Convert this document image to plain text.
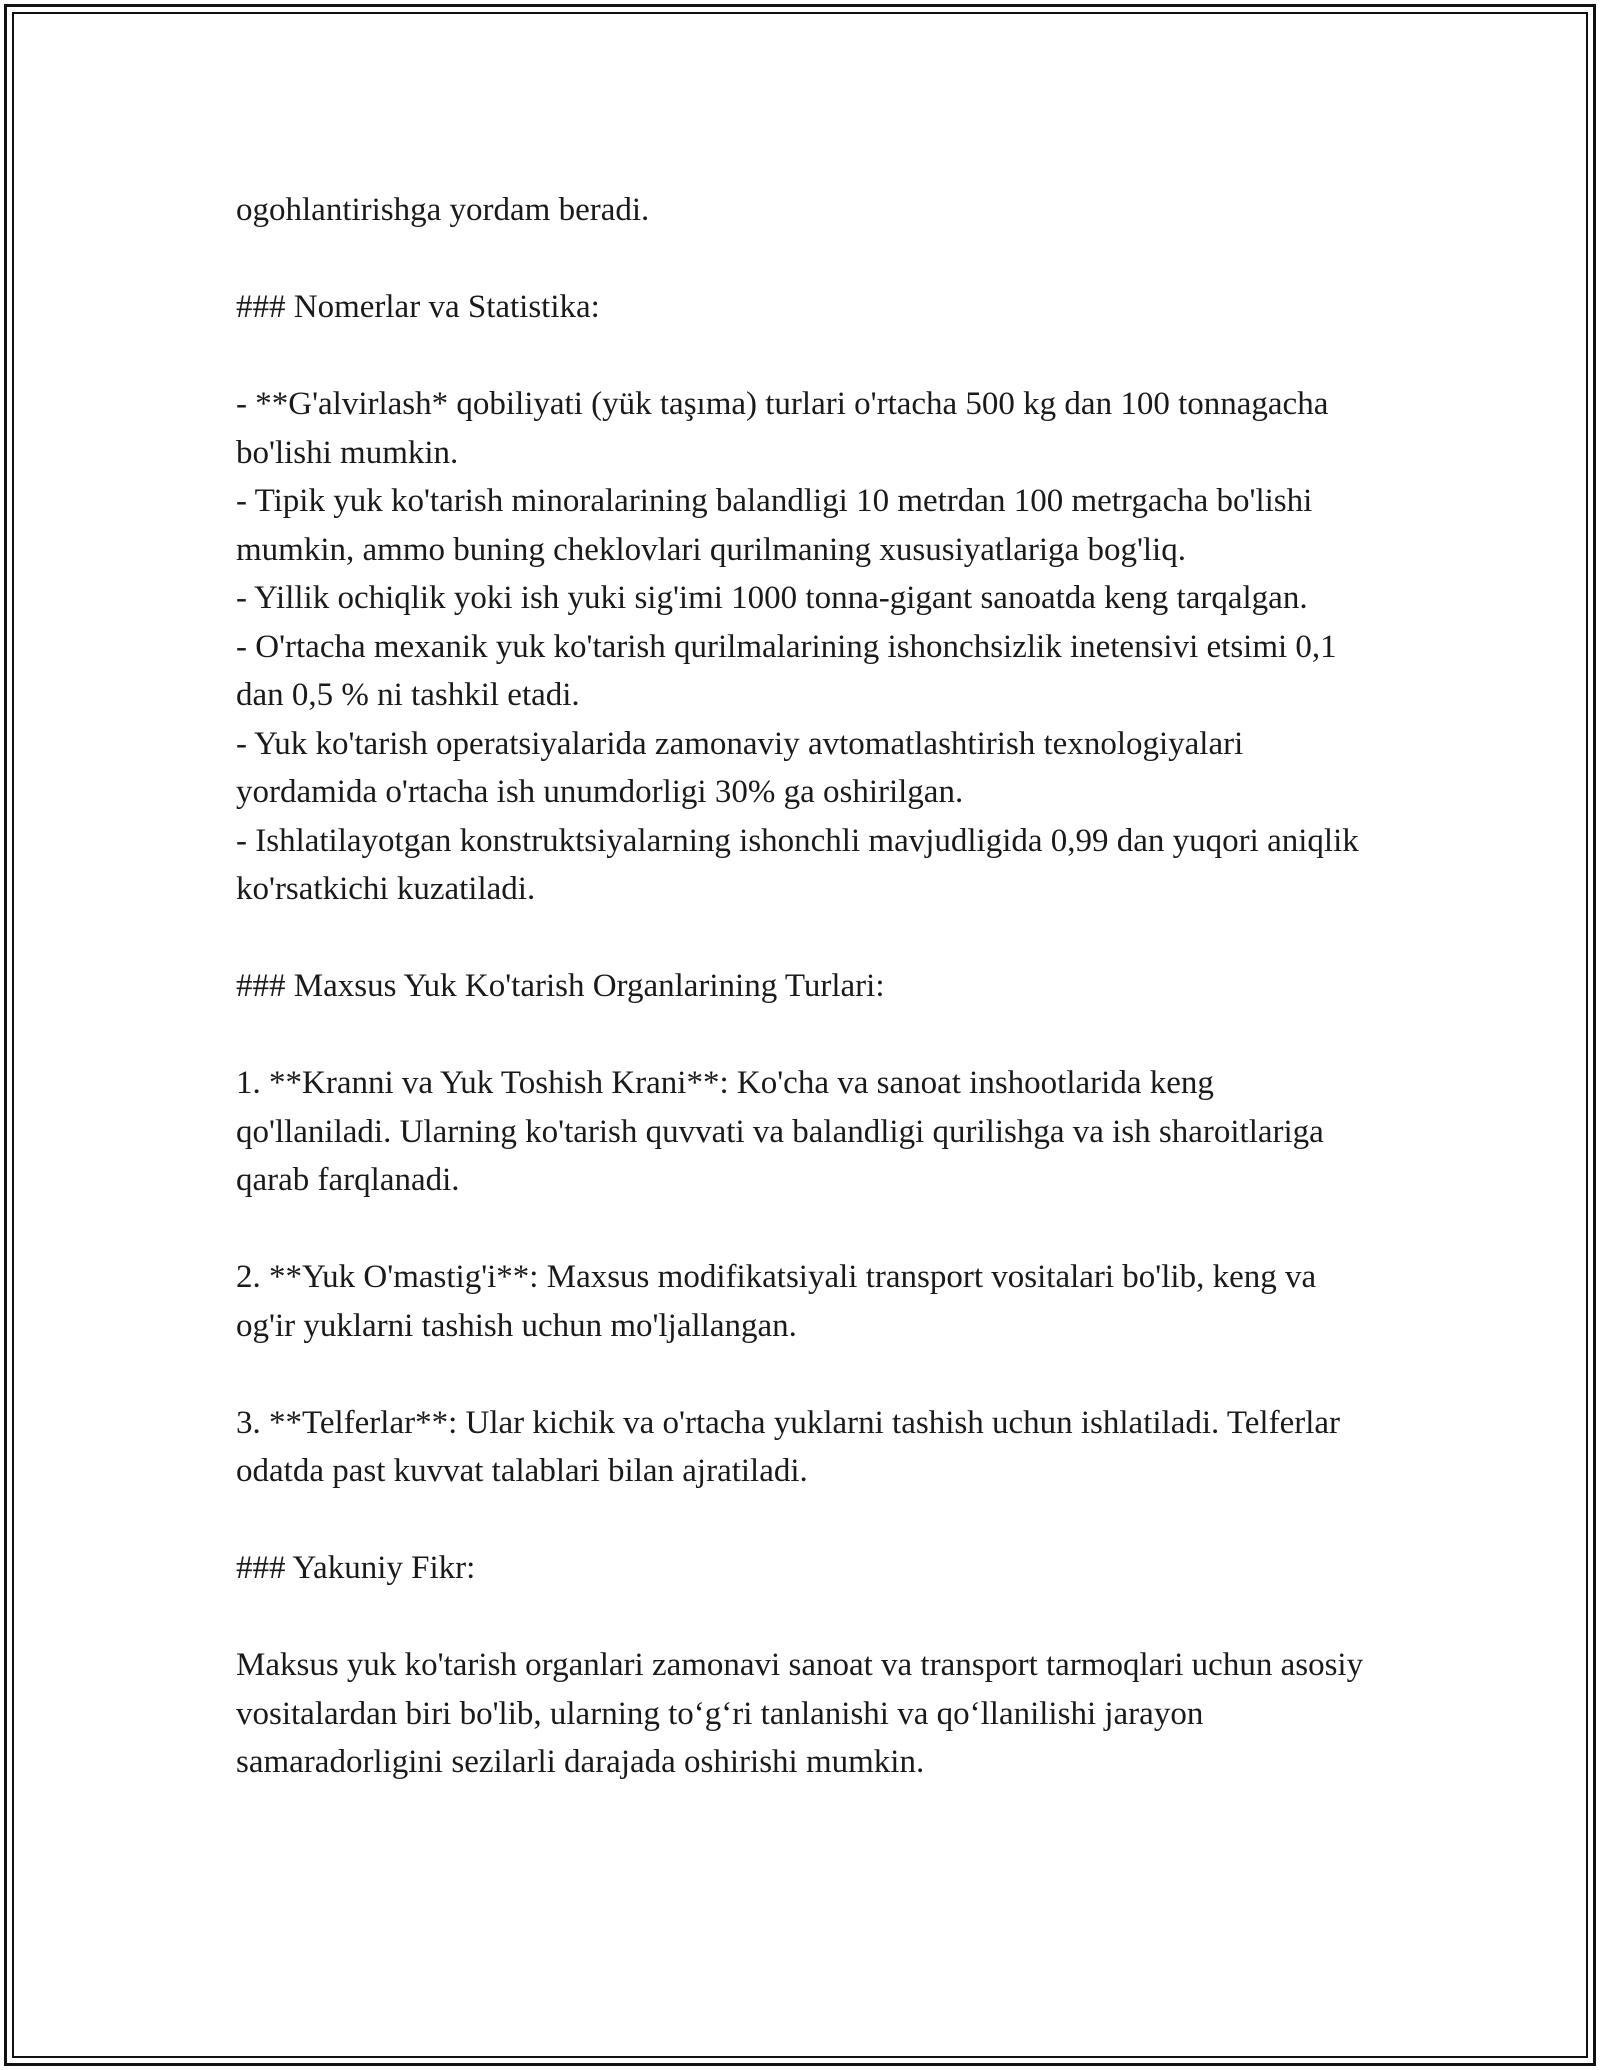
ogohlantirishga yordam beradi.

### Nomerlar va Statistika:

- **G'alvirlash* qobiliyati (yük taşıma) turlari o'rtacha 500 kg dan 100 tonnagacha bo'lishi mumkin.

- Tipik yuk ko'tarish minoralarining balandligi 10 metrdan 100 metrgacha bo'lishi mumkin, ammo buning cheklovlari qurilmaning xususiyatlariga bog'liq.

- Yillik ochiqlik yoki ish yuki sig'imi 1000 tonna-gigant sanoatda keng tarqalgan.

- O'rtacha mexanik yuk ko'tarish qurilmalarining ishonchsizlik inetensivi etsimi 0,1 dan 0,5 % ni tashkil etadi.

- Yuk ko'tarish operatsiyalarida zamonaviy avtomatlashtirish texnologiyalari yordamida o'rtacha ish unumdorligi 30% ga oshirilgan.

- Ishlatilayotgan konstruktsiyalarning ishonchli mavjudligida 0,99 dan yuqori aniqlik ko'rsatkichi kuzatiladi.

### Maxsus Yuk Ko'tarish Organlarining Turlari:

1. **Kranni va Yuk Toshish Krani**: Ko'cha va sanoat inshootlarida keng qo'llaniladi. Ularning ko'tarish quvvati va balandligi qurilishga va ish sharoitlariga qarab farqlanadi.

2. **Yuk O'mastig'i**: Maxsus modifikatsiyali transport vositalari bo'lib, keng va og'ir yuklarni tashish uchun mo'ljallangan.

3. **Telferlar**: Ular kichik va o'rtacha yuklarni tashish uchun ishlatiladi. Telferlar odatda past kuvvat talablari bilan ajratiladi.

### Yakuniy Fikr:

Maksus yuk ko'tarish organlari zamonavi sanoat va transport tarmoqlari uchun asosiy vositalardan biri bo'lib, ularning to‘g‘ri tanlanishi va qo‘llanilishi jarayon samaradorligini sezilarli darajada oshirishi mumkin.
